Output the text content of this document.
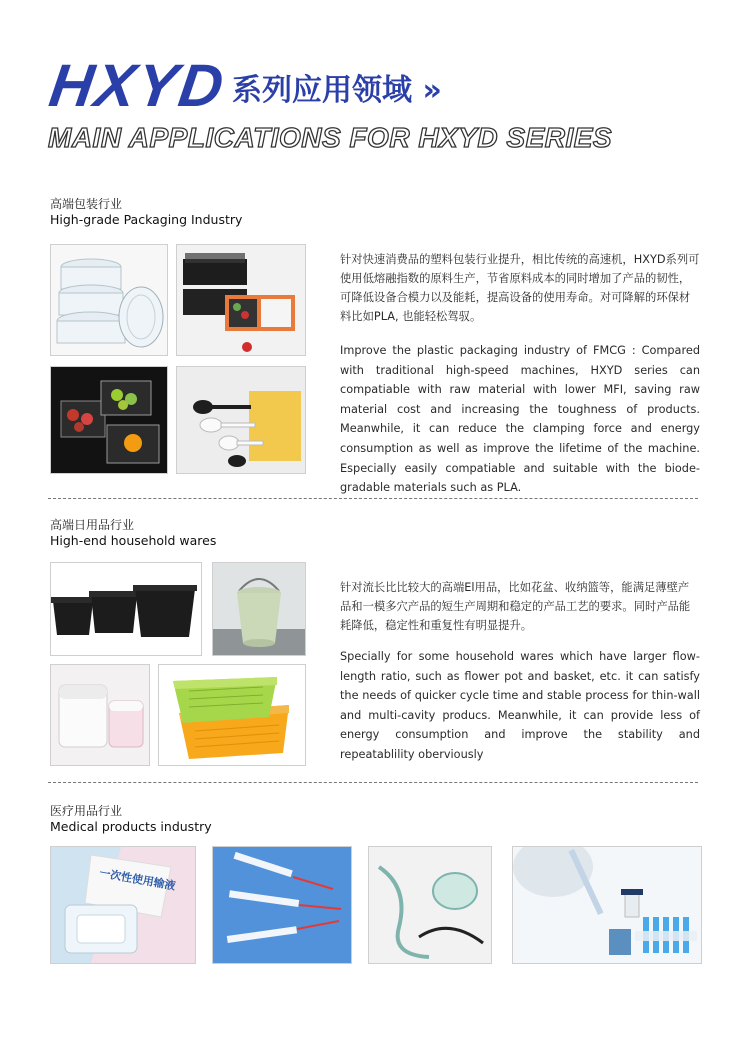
HXYD 系列应用领域 »
MAIN APPLICATIONS FOR HXYD SERIES
高端包装行业
High-grade Packaging Industry

针对快速消费品的塑料包装行业提升，相比传统的高速机，HXYD系列可使用低熔融指数的原料生产，节省原料成本的同时增加了产品的韧性，可降低设备合模力以及能耗，提高设备的使用寿命。对可降解的环保材料比如PLA, 也能轻松驾驭。

Improve the plastic packaging industry of FMCG : Compared with traditional high-speed machines, HXYD series can compatiable with raw material with lower MFI, saving raw material cost and increasing the toughness of products. Meanwhile, it can reduce the clamping force and energy consumption as well as improve the lifetime of the machine. Especially easily compatiable and suitable with the biode-gradable materials such as PLA.

高端日用品行业
High-end household wares

针对流长比比较大的高端El用品，比如花盆、收纳篮等，能满足薄壁产品和一模多穴产品的短生产周期和稳定的产品工艺的要求。同时产品能耗降低，稳定性和重复性有明显提升。

Specially for some household wares which have larger flow-length ratio, such as flower pot and basket, etc. it can satisfy the needs of quicker cycle time and stable process for thin-wall and multi-cavity producs. Meanwhile, it can provide less of energy consumption and improve the stability and repeatablility oberviously

医疗用品行业
Medical products industry
一次性使用输液
